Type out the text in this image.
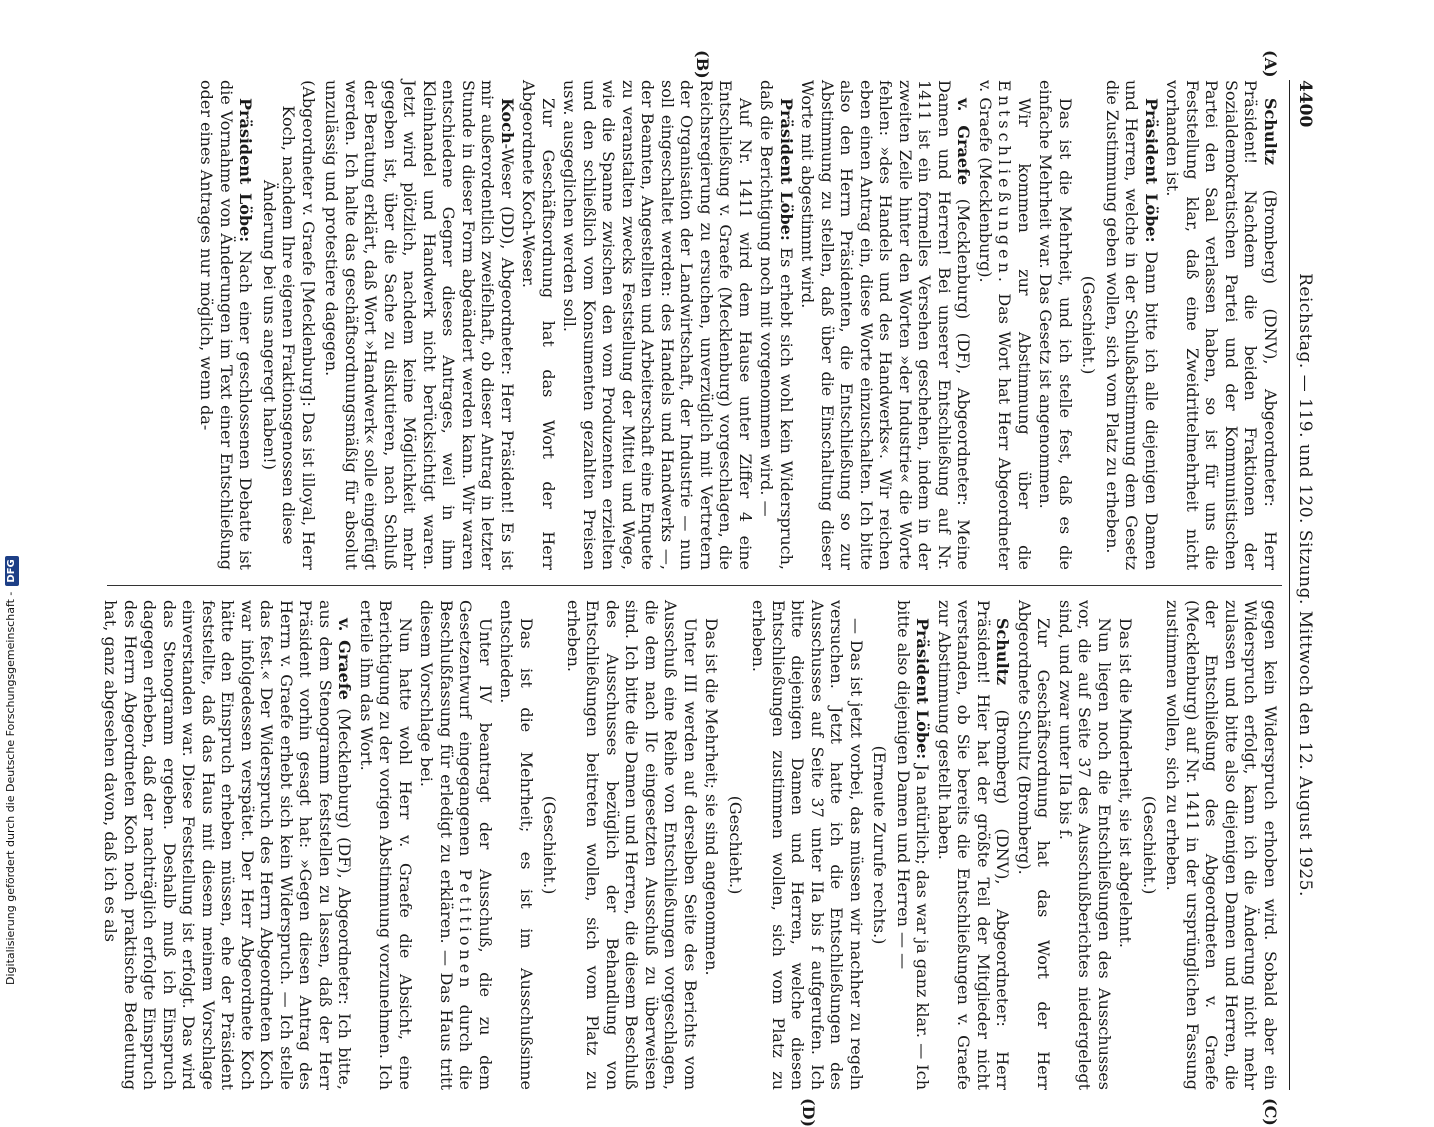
4400
Reichstag. — 119. und 120. Sitzung. Mittwoch den 12. August 1925.
(A)
(B)
(C)
(D)

Schultz (Bromberg) (DNV), Abgeordneter: Herr Präsident! Nachdem die beiden Fraktionen der Sozialdemokratischen Partei und der Kommunistischen Partei den Saal verlassen haben, so ist für uns die Feststellung klar, daß eine Zweidrittelmehrheit nicht vorhanden ist.

Präsident Löbe: Dann bitte ich alle diejenigen Damen und Herren, welche in der Schlußabstimmung dem Gesetz die Zustimmung geben wollen, sich vom Platz zu erheben.

(Geschieht.)

Das ist die Mehrheit, und ich stelle fest, daß es die einfache Mehrheit war. Das Gesetz ist angenommen.

Wir kommen zur Abstimmung über die Entschließungen. Das Wort hat Herr Abgeordneter v. Graefe (Mecklenburg).

v. Graefe (Mecklenburg) (DF), Abgeordneter: Meine Damen und Herren! Bei unserer Entschließung auf Nr. 1411 ist ein formelles Versehen geschehen, indem in der zweiten Zeile hinter den Worten »der Industrie« die Worte fehlen: »des Handels und des Handwerks«. Wir reichen eben einen Antrag ein, diese Worte einzuschalten. Ich bitte also den Herrn Präsidenten, die Entschließung so zur Abstimmung zu stellen, daß über die Einschaltung dieser Worte mit abgestimmt wird.

Präsident Löbe: Es erhebt sich wohl kein Widerspruch, daß die Berichtigung noch mit vorgenommen wird. —

Auf Nr. 1411 wird dem Hause unter Ziffer 4 eine Entschließung v. Graefe (Mecklenburg) vorgeschlagen, die Reichsregierung zu ersuchen, unverzüglich mit Vertretern der Organisation der Landwirtschaft, der Industrie — nun soll eingeschaltet werden: des Handels und Handwerks —, der Beamten, Angestellten und Arbeiterschaft eine Enquete zu veranstalten zwecks Feststellung der Mittel und Wege, wie die Spanne zwischen den vom Produzenten erzielten und den schließlich vom Konsumenten gezahlten Preisen usw. ausgeglichen werden soll.

Zur Geschäftsordnung hat das Wort der Herr Abgeordnete Koch-Weser.

Koch-Weser (DD), Abgeordneter: Herr Präsident! Es ist mir außerordentlich zweifelhaft, ob dieser Antrag in letzter Stunde in dieser Form abgeändert werden kann. Wir waren entschiedene Gegner dieses Antrages, weil in ihm Kleinhandel und Handwerk nicht berücksichtigt waren. Jetzt wird plötzlich, nachdem keine Möglichkeit mehr gegeben ist, über die Sache zu diskutieren, nach Schluß der Beratung erklärt, daß Wort »Handwerk« solle eingefügt werden. Ich halte das geschäftsordnungsmäßig für absolut unzulässig und protestiere dagegen.

(Abgeordneter v. Graefe [Mecklenburg]: Das ist illoyal, Herr Koch, nachdem Ihre eigenen Fraktionsgenossen diese Änderung bei uns angeregt haben!)

Präsident Löbe: Nach einer geschlossenen Debatte ist die Vornahme von Änderungen im Text einer Entschließung oder eines Antrages nur möglich, wenn da-

gegen kein Widerspruch erhoben wird. Sobald aber ein Widerspruch erfolgt, kann ich die Änderung nicht mehr zulassen und bitte also diejenigen Damen und Herren, die der Entschließung des Abgeordneten v. Graefe (Mecklenburg) auf Nr. 1411 in der ursprünglichen Fassung zustimmen wollen, sich zu erheben.

(Geschieht.)

Das ist die Minderheit, sie ist abgelehnt.

Nun liegen noch die Entschließungen des Ausschusses vor, die auf Seite 37 des Ausschußberichtes niedergelegt sind, und zwar unter IIa bis f.

Zur Geschäftsordnung hat das Wort der Herr Abgeordnete Schultz (Bromberg).

Schultz (Bromberg) (DNV), Abgeordneter: Herr Präsident! Hier hat der größte Teil der Mitglieder nicht verstanden, ob Sie bereits die Entschließungen v. Graefe zur Abstimmung gestellt haben.

Präsident Löbe: Ja natürlich; das war ja ganz klar. — Ich bitte also diejenigen Damen und Herren — —

(Erneute Zurufe rechts.)

— Das ist jetzt vorbei, das müssen wir nachher zu regeln versuchen. Jetzt hatte ich die Entschließungen des Ausschusses auf Seite 37 unter IIa bis f aufgerufen. Ich bitte diejenigen Damen und Herren, welche diesen Entschließungen zustimmen wollen, sich vom Platz zu erheben.

(Geschieht.)

Das ist die Mehrheit; sie sind angenommen.

Unter III werden auf derselben Seite des Berichts vom Ausschuß eine Reihe von Entschließungen vorgeschlagen, die dem nach IIc eingesetzten Ausschuß zu überweisen sind. Ich bitte die Damen und Herren, die diesem Beschluß des Ausschusses bezüglich der Behandlung von Entschließungen beitreten wollen, sich vom Platz zu erheben.

(Geschieht.)

Das ist die Mehrheit; es ist im Ausschußsinne entschieden.

Unter IV beantragt der Ausschuß, die zu dem Gesetzentwurf eingegangenen Petitionen durch die Beschlußfassung für erledigt zu erklären. — Das Haus tritt diesem Vorschlage bei.

Nun hatte wohl Herr v. Graefe die Absicht, eine Berichtigung zu der vorigen Abstimmung vorzunehmen. Ich erteile ihm das Wort.

v. Graefe (Mecklenburg) (DF), Abgeordneter: Ich bitte, aus dem Stenogramm feststellen zu lassen, daß der Herr Präsident vorhin gesagt hat: »Gegen diesen Antrag des Herrn v. Graefe erhebt sich kein Widerspruch. — Ich stelle das fest.« Der Widerspruch des Herrn Abgeordneten Koch war infolgedessen verspätet. Der Herr Abgeordnete Koch hätte den Einspruch erheben müssen, ehe der Präsident feststellte, daß das Haus mit diesem meinem Vorschlage einverstanden war. Diese Feststellung ist erfolgt. Das wird das Stenogramm ergeben. Deshalb muß ich Einspruch dagegen erheben, daß der nachträglich erfolgte Einspruch des Herrn Abgeordneten Koch noch praktische Bedeutung hat, ganz abgesehen davon, daß ich es als

Digitalisierung gefördert durch die Deutsche Forschungsgemeinschaft -DFG
